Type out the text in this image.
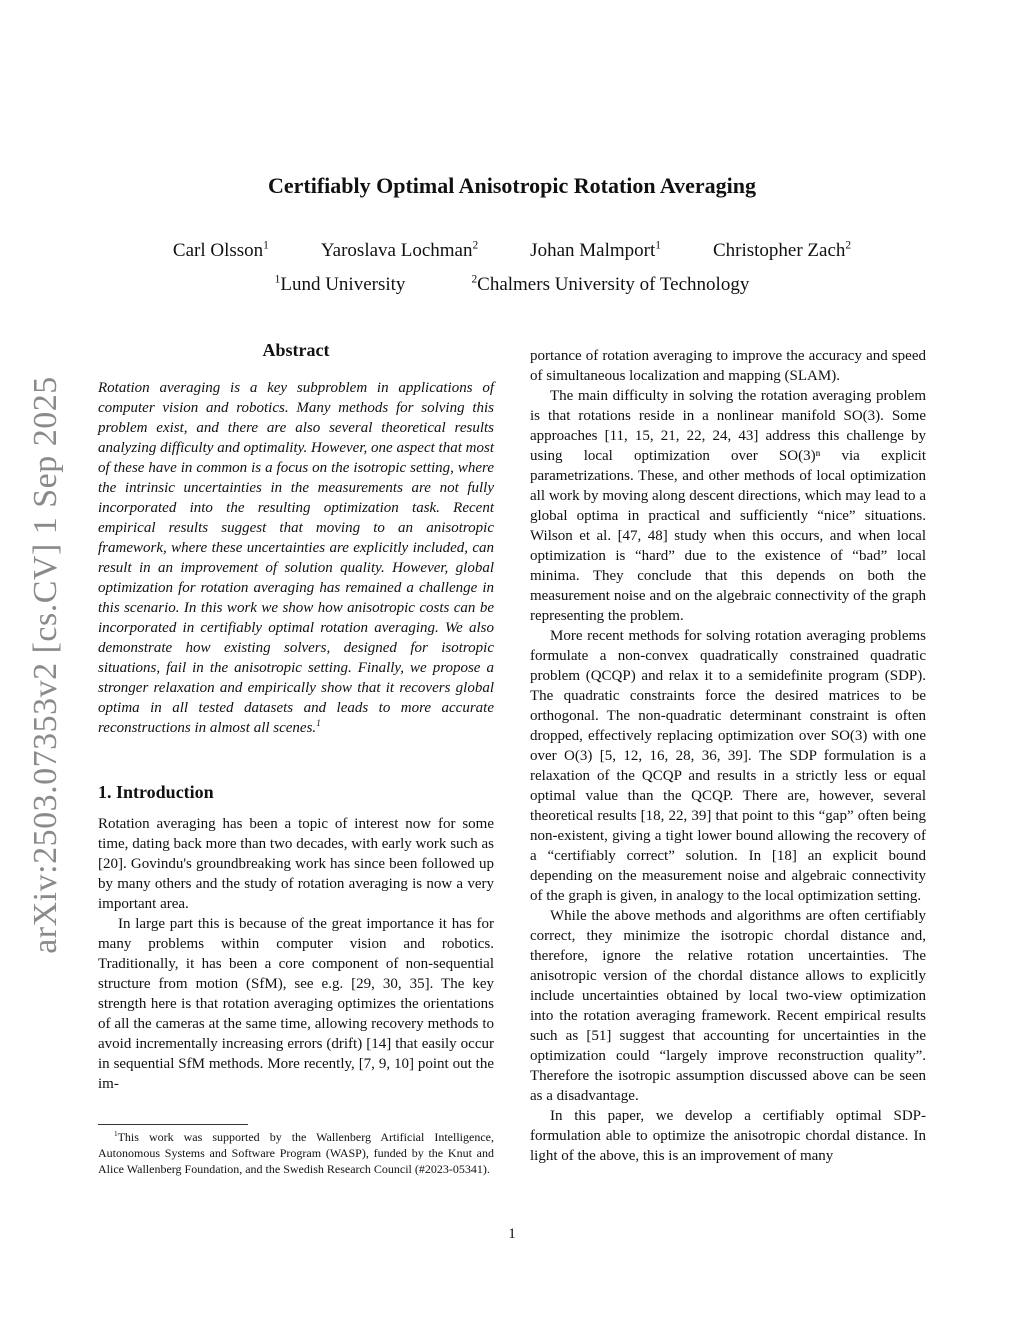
arXiv:2503.07353v2 [cs.CV] 1 Sep 2025
Certifiably Optimal Anisotropic Rotation Averaging
Carl Olsson$^1$	Yaroslava Lochman$^2$	Johan Malmport$^1$	Christopher Zach$^2$
$^1$Lund University	$^2$Chalmers University of Technology
Abstract

Rotation averaging is a key subproblem in applications of computer vision and robotics. Many methods for solving this problem exist, and there are also several theoretical results analyzing difficulty and optimality. However, one aspect that most of these have in common is a focus on the isotropic setting, where the intrinsic uncertainties in the measurements are not fully incorporated into the resulting optimization task. Recent empirical results suggest that moving to an anisotropic framework, where these uncertainties are explicitly included, can result in an improvement of solution quality. However, global optimization for rotation averaging has remained a challenge in this scenario. In this work we show how anisotropic costs can be incorporated in certifiably optimal rotation averaging. We also demonstrate how existing solvers, designed for isotropic situations, fail in the anisotropic setting. Finally, we propose a stronger relaxation and empirically show that it recovers global optima in all tested datasets and leads to more accurate reconstructions in almost all scenes.$^1$

1. Introduction

Rotation averaging has been a topic of interest now for some time, dating back more than two decades, with early work such as [20]. Govindu's groundbreaking work has since been followed up by many others and the study of rotation averaging is now a very important area.

In large part this is because of the great importance it has for many problems within computer vision and robotics. Traditionally, it has been a core component of non-sequential structure from motion (SfM), see e.g. [29, 30, 35]. The key strength here is that rotation averaging optimizes the orientations of all the cameras at the same time, allowing recovery methods to avoid incrementally increasing errors (drift) [14] that easily occur in sequential SfM methods. More recently, [7, 9, 10] point out the im-

portance of rotation averaging to improve the accuracy and speed of simultaneous localization and mapping (SLAM).

The main difficulty in solving the rotation averaging problem is that rotations reside in a nonlinear manifold SO(3). Some approaches [11, 15, 21, 22, 24, 43] address this challenge by using local optimization over SO(3)ⁿ via explicit parametrizations. These, and other methods of local optimization all work by moving along descent directions, which may lead to a global optima in practical and sufficiently “nice” situations. Wilson et al. [47, 48] study when this occurs, and when local optimization is “hard” due to the existence of “bad” local minima. They conclude that this depends on both the measurement noise and on the algebraic connectivity of the graph representing the problem.

More recent methods for solving rotation averaging problems formulate a non-convex quadratically constrained quadratic problem (QCQP) and relax it to a semidefinite program (SDP). The quadratic constraints force the desired matrices to be orthogonal. The non-quadratic determinant constraint is often dropped, effectively replacing optimization over SO(3) with one over O(3) [5, 12, 16, 28, 36, 39]. The SDP formulation is a relaxation of the QCQP and results in a strictly less or equal optimal value than the QCQP. There are, however, several theoretical results [18, 22, 39] that point to this “gap” often being non-existent, giving a tight lower bound allowing the recovery of a “certifiably correct” solution. In [18] an explicit bound depending on the measurement noise and algebraic connectivity of the graph is given, in analogy to the local optimization setting.

While the above methods and algorithms are often certifiably correct, they minimize the isotropic chordal distance and, therefore, ignore the relative rotation uncertainties. The anisotropic version of the chordal distance allows to explicitly include uncertainties obtained by local two-view optimization into the rotation averaging framework. Recent empirical results such as [51] suggest that accounting for uncertainties in the optimization could “largely improve reconstruction quality”. Therefore the isotropic assumption discussed above can be seen as a disadvantage.

In this paper, we develop a certifiably optimal SDP-formulation able to optimize the anisotropic chordal distance. In light of the above, this is an improvement of many

$^1$This work was supported by the Wallenberg Artificial Intelligence, Autonomous Systems and Software Program (WASP), funded by the Knut and Alice Wallenberg Foundation, and the Swedish Research Council (#2023-05341).

1
